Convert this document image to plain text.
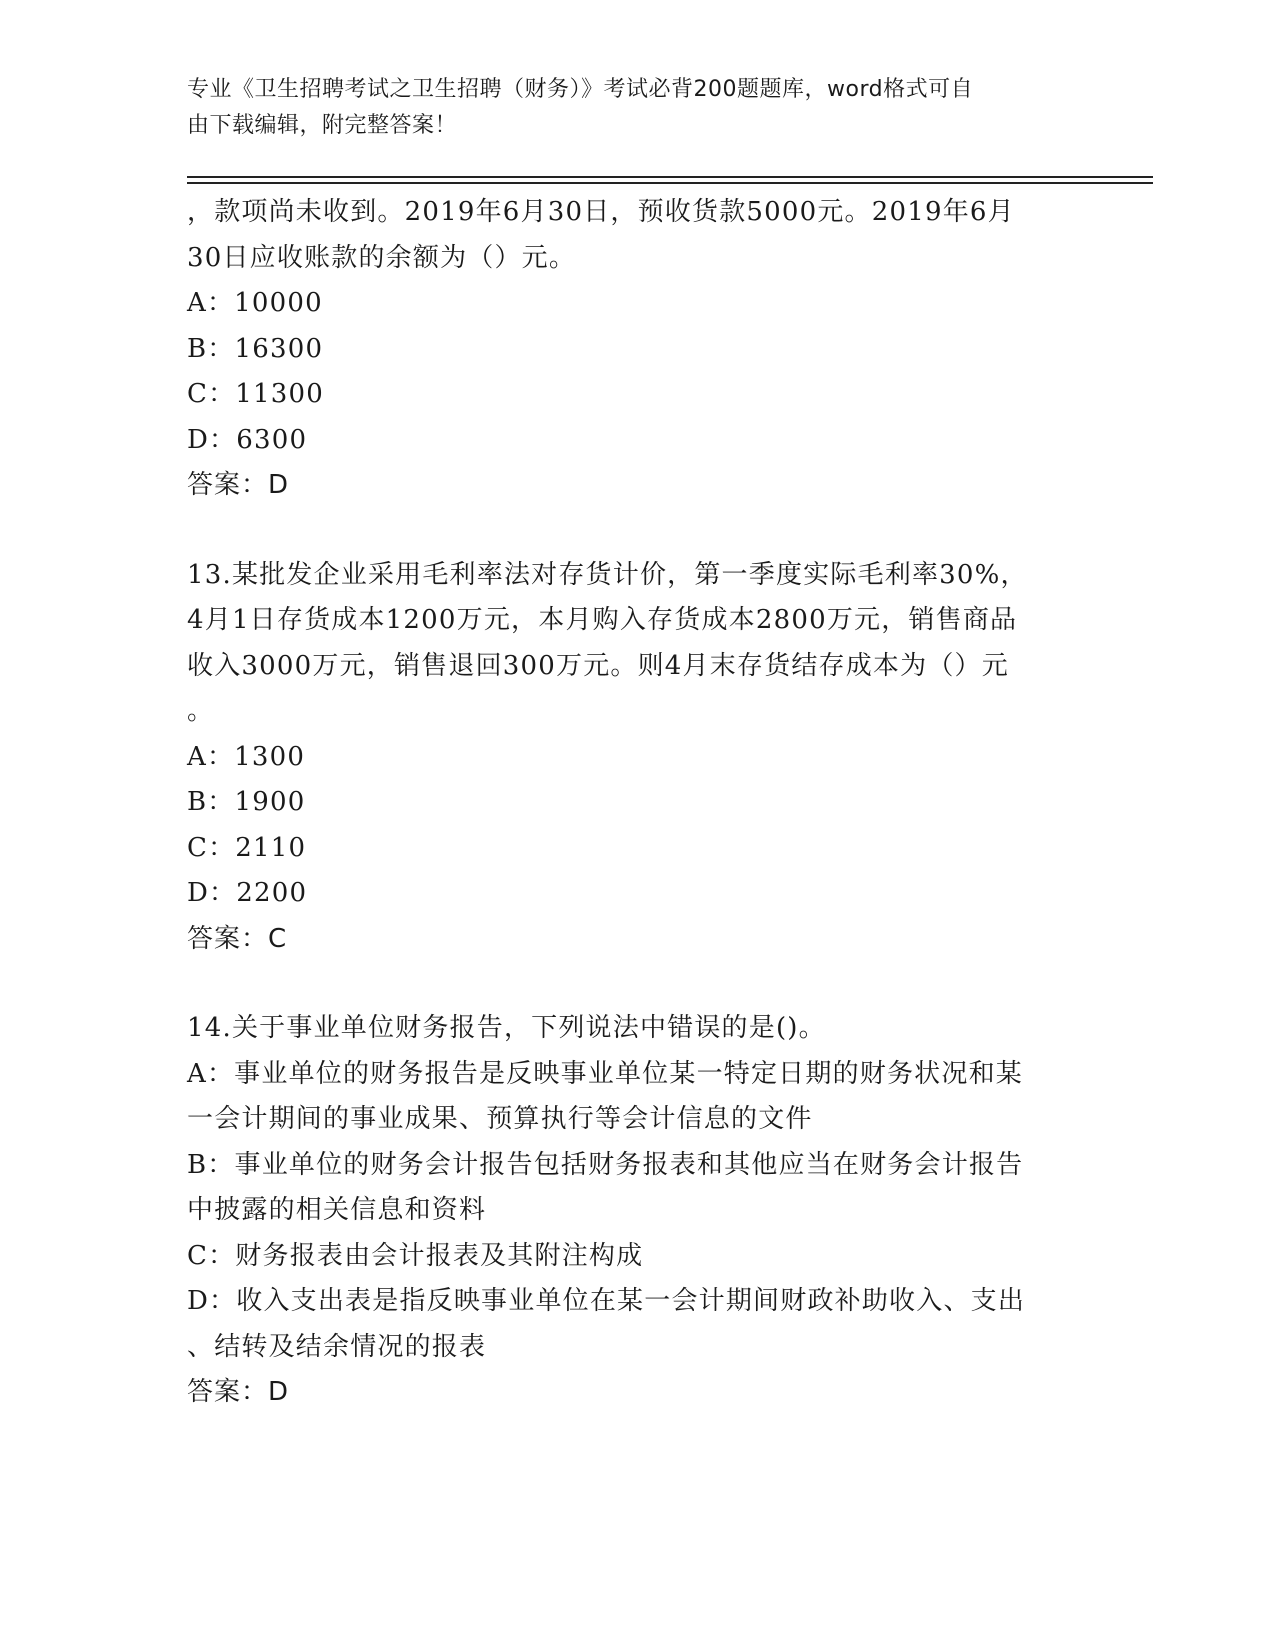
专业《卫生招聘考试之卫生招聘（财务）》考试必背200题题库，word格式可自
由下载编辑，附完整答案！
，款项尚未收到。2019年6月30日，预收货款5000元。2019年6月
30日应收账款的余额为（）元。
A：10000
B：16300
C：11300
D：6300
答案：D
13.某批发企业采用毛利率法对存货计价，第一季度实际毛利率30%，
4月1日存货成本1200万元，本月购入存货成本2800万元，销售商品
收入3000万元，销售退回300万元。则4月末存货结存成本为（）元
。
A：1300
B：1900
C：2110
D：2200
答案：C
14.关于事业单位财务报告，下列说法中错误的是()。
A：事业单位的财务报告是反映事业单位某一特定日期的财务状况和某
一会计期间的事业成果、预算执行等会计信息的文件
B：事业单位的财务会计报告包括财务报表和其他应当在财务会计报告
中披露的相关信息和资料
C：财务报表由会计报表及其附注构成
D：收入支出表是指反映事业单位在某一会计期间财政补助收入、支出
、结转及结余情况的报表
答案：D
